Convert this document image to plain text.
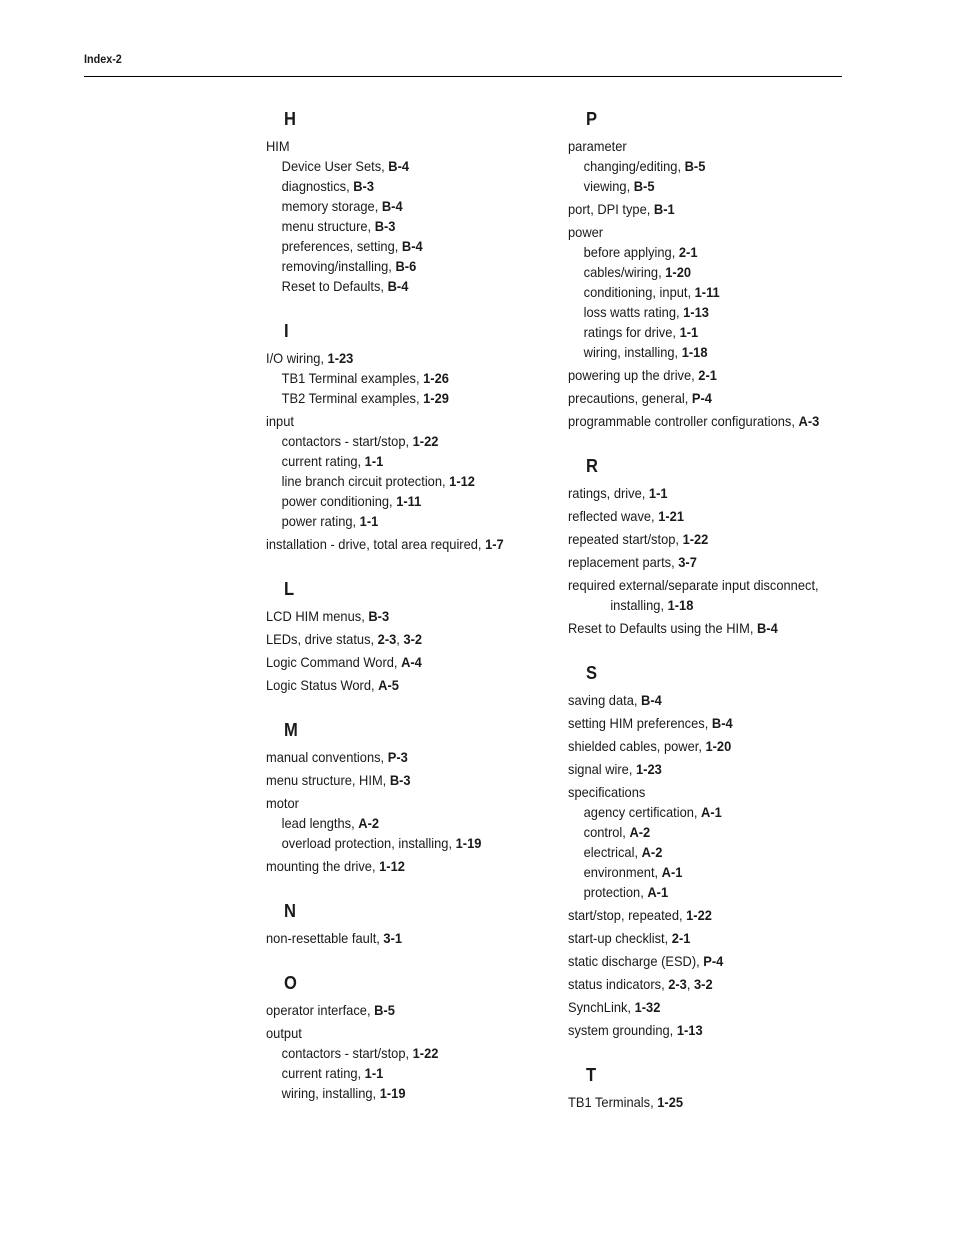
Index-2
H
HIM
Device User Sets, B-4
diagnostics, B-3
memory storage, B-4
menu structure, B-3
preferences, setting, B-4
removing/installing, B-6
Reset to Defaults, B-4
I
I/O wiring, 1-23
TB1 Terminal examples, 1-26
TB2 Terminal examples, 1-29
input
contactors - start/stop, 1-22
current rating, 1-1
line branch circuit protection, 1-12
power conditioning, 1-11
power rating, 1-1
installation - drive, total area required, 1-7
L
LCD HIM menus, B-3
LEDs, drive status, 2-3, 3-2
Logic Command Word, A-4
Logic Status Word, A-5
M
manual conventions, P-3
menu structure, HIM, B-3
motor
lead lengths, A-2
overload protection, installing, 1-19
mounting the drive, 1-12
N
non-resettable fault, 3-1
O
operator interface, B-5
output
contactors - start/stop, 1-22
current rating, 1-1
wiring, installing, 1-19
P
parameter
changing/editing, B-5
viewing, B-5
port, DPI type, B-1
power
before applying, 2-1
cables/wiring, 1-20
conditioning, input, 1-11
loss watts rating, 1-13
ratings for drive, 1-1
wiring, installing, 1-18
powering up the drive, 2-1
precautions, general, P-4
programmable controller configurations, A-3
R
ratings, drive, 1-1
reflected wave, 1-21
repeated start/stop, 1-22
replacement parts, 3-7
required external/separate input disconnect,
installing, 1-18
Reset to Defaults using the HIM, B-4
S
saving data, B-4
setting HIM preferences, B-4
shielded cables, power, 1-20
signal wire, 1-23
specifications
agency certification, A-1
control, A-2
electrical, A-2
environment, A-1
protection, A-1
start/stop, repeated, 1-22
start-up checklist, 2-1
static discharge (ESD), P-4
status indicators, 2-3, 3-2
SynchLink, 1-32
system grounding, 1-13
T
TB1 Terminals, 1-25
